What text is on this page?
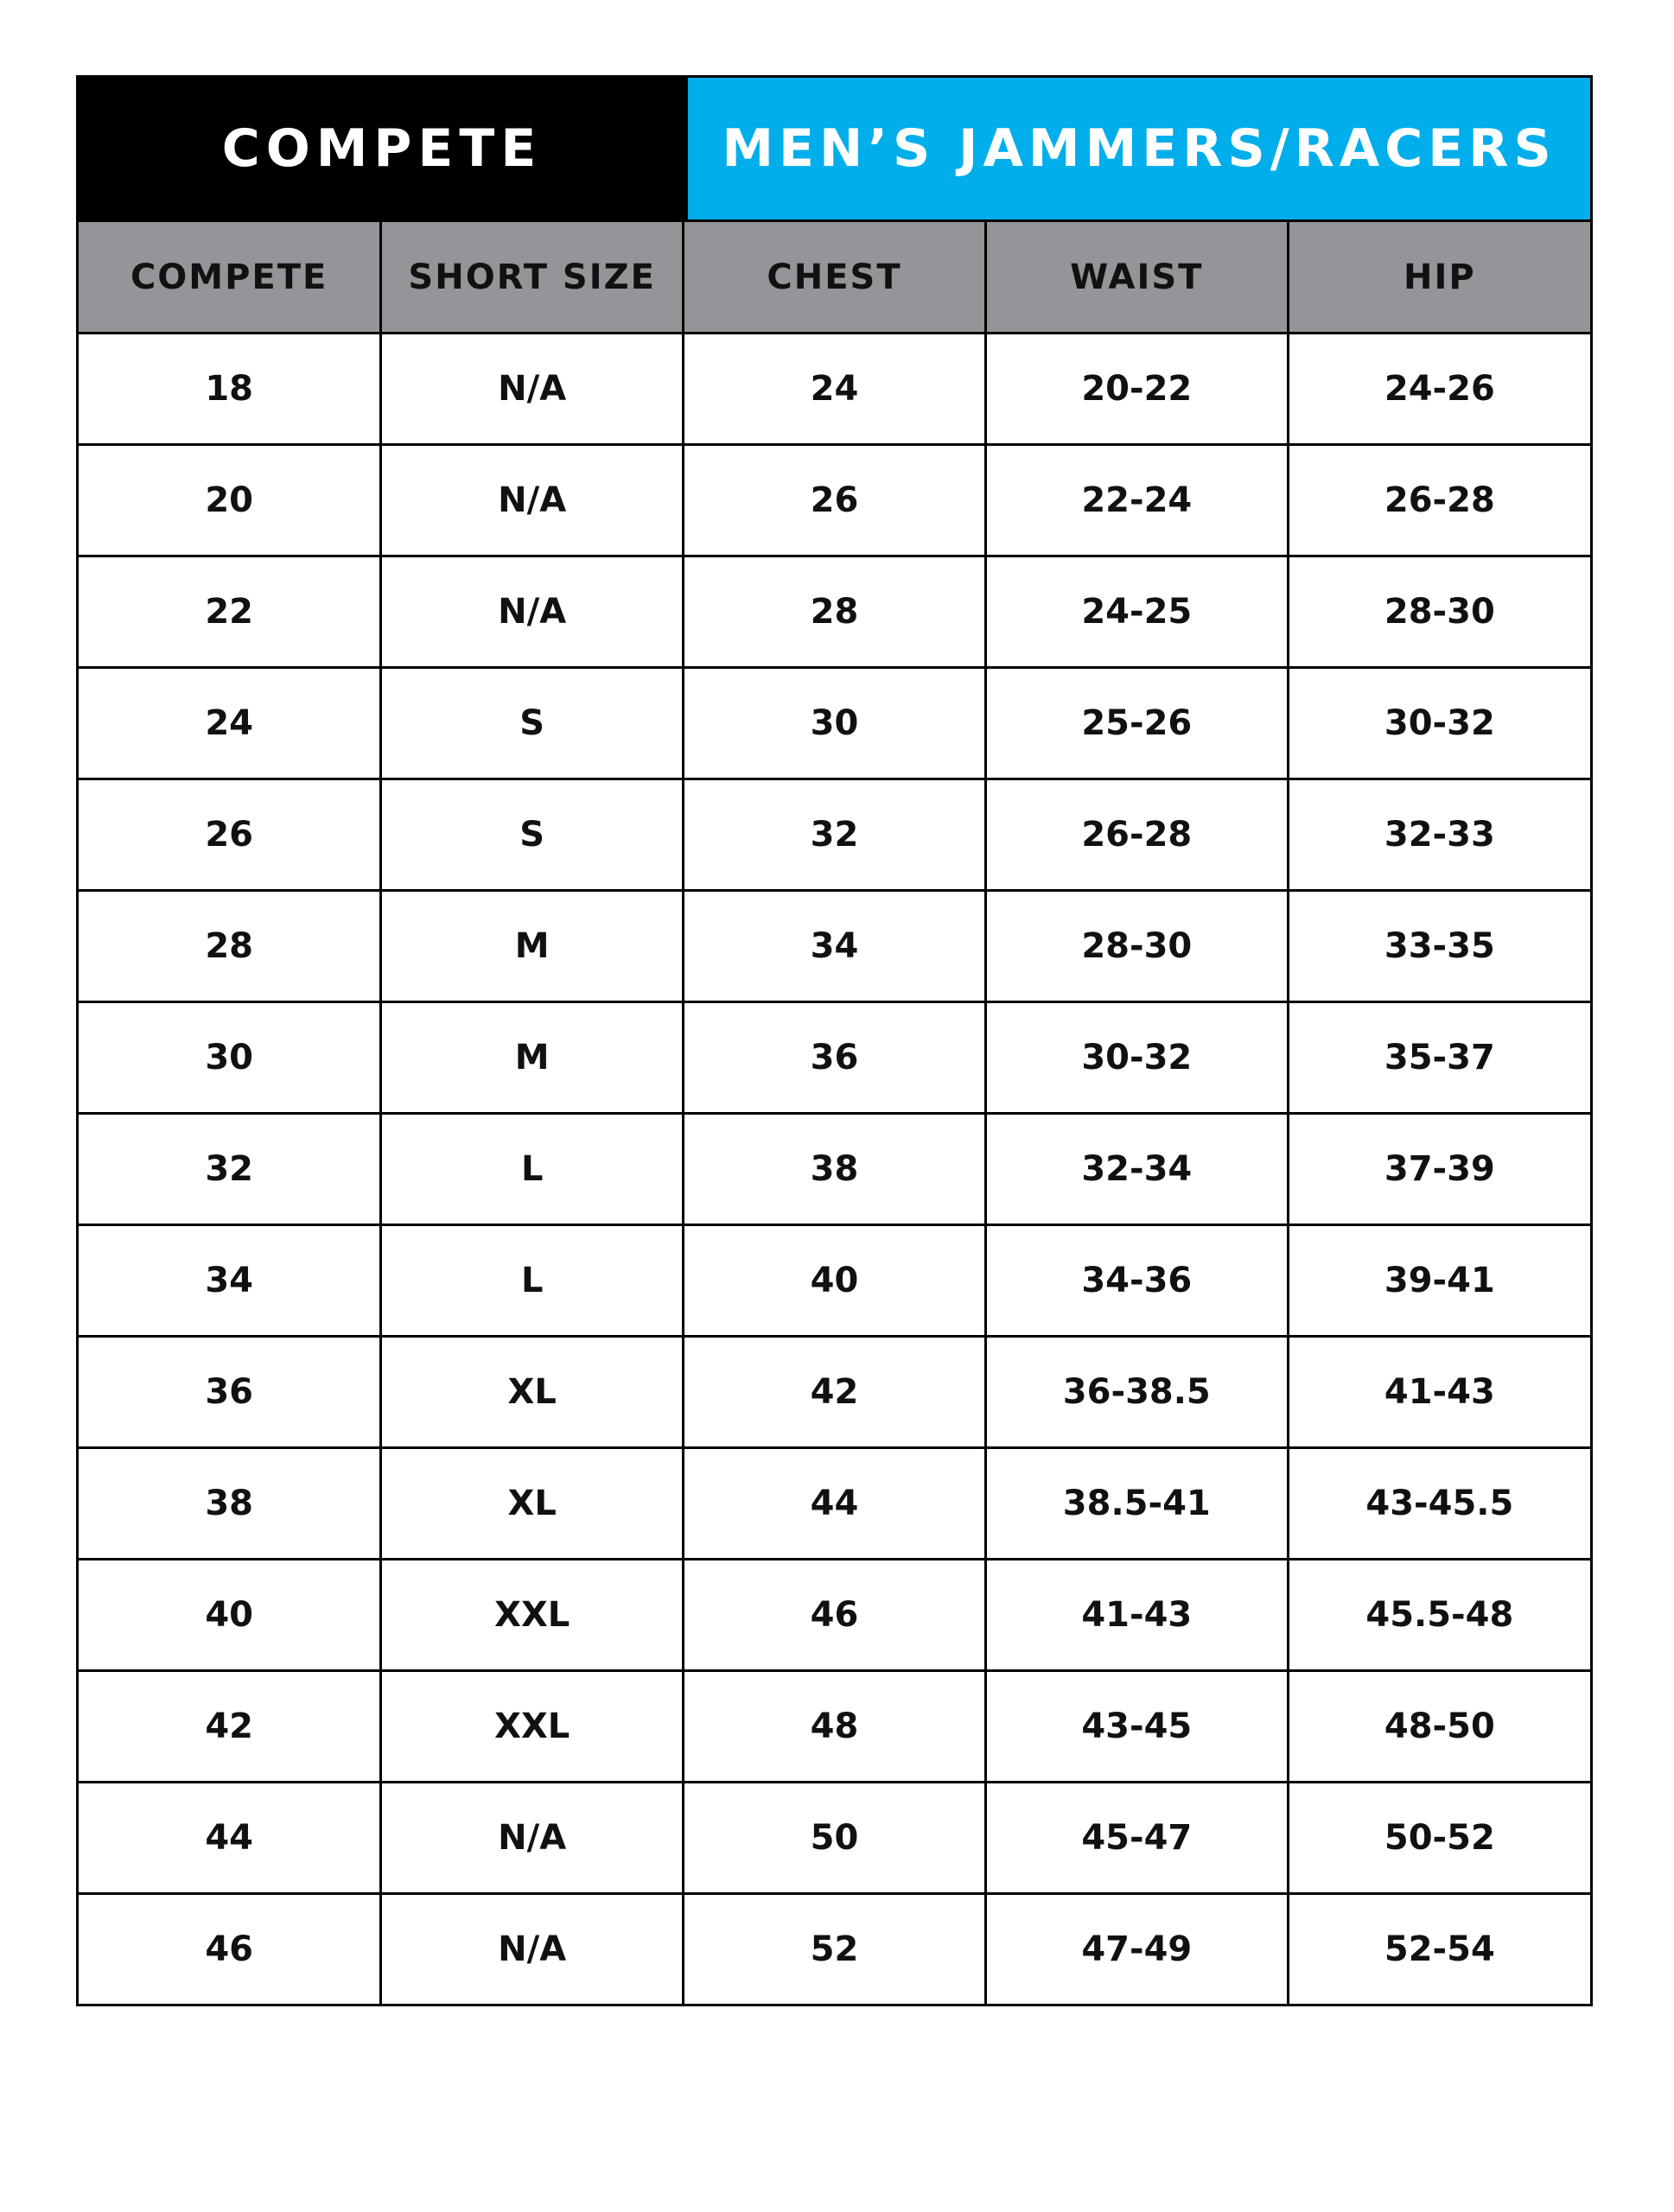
COMPETE	MEN’S JAMMERS/RACERS
COMPETE	SHORT SIZE	CHEST	WAIST	HIP
18	N/A	24	20-22	24-26
20	N/A	26	22-24	26-28
22	N/A	28	24-25	28-30
24	S	30	25-26	30-32
26	S	32	26-28	32-33
28	M	34	28-30	33-35
30	M	36	30-32	35-37
32	L	38	32-34	37-39
34	L	40	34-36	39-41
36	XL	42	36-38.5	41-43
38	XL	44	38.5-41	43-45.5
40	XXL	46	41-43	45.5-48
42	XXL	48	43-45	48-50
44	N/A	50	45-47	50-52
46	N/A	52	47-49	52-54
